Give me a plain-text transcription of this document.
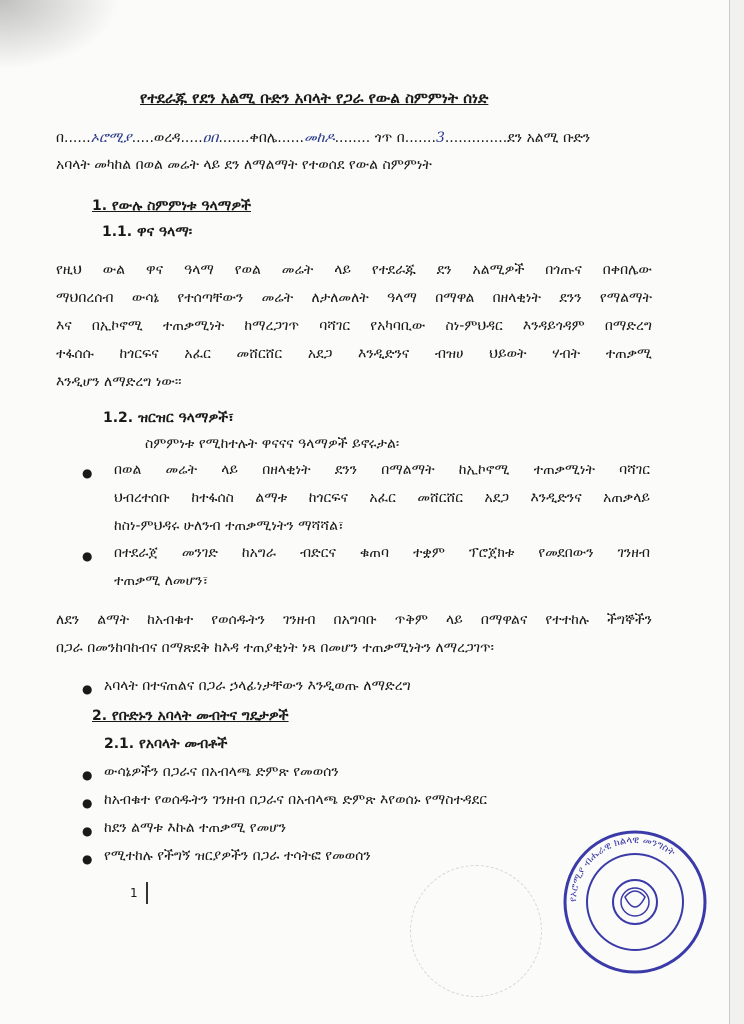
የተደራጁ የደን አልሚ ቡድን አባላት የጋራ የውል ስምምነት ሰነድ
በ......ኦሮሚያ.....ወረዳ.....ዐበ.......ቀበሌ......መከዶ........ ጎጥ በ.......3..............ደን አልሚ ቡድን
አባላት መካከል በወል መሬት ላይ ደን ለማልማት የተወሰደ የውል ስምምነት
1. የውሉ ስምምነቱ ዓላማዎች
1.1. ዋና ዓላማ፡
የዚህ ውል ዋና ዓላማ የወል መሬት ላይ የተደራጁ ደን አልሚዎች በጎጡና በቀበሌው
ማህበረሰብ ውሳኔ የተሰጣቸውን መሬት ለታለመለት ዓላማ በማዋል በዘላቂነት ደንን የማልማት
እና በኢኮኖሚ ተጠቃሚነት ከማረጋገጥ ባሻገር የአካባቢው ስነ-ምህዳር እንዳይጎዳም በማድረግ
ተፋሰሱ ከጎርፍና አፈር መሸርሸር አደጋ እንዲድንና ብዝሀ ህይወት ሃብት ተጠቃሚ
እንዲሆን ለማድረግ ነው፡፡
1.2. ዝርዝር ዓላማዎች፣
ስምምነቱ የሚከተሉት ዋናናና ዓላማዎች ይኖሩታል፡
● በወል መሬት ላይ በዘላቂነት ደንን በማልማት ከኢኮኖሚ ተጠቃሚነት ባሻገር
ህብረተሰቡ ከተፋሰስ ልማቱ ከጎርፍና አፈር መሸርሸር አደጋ እንዲድንና አጠቃላይ
ከስነ-ምህዳሩ ሁለንብ ተጠቃሚነትን ማሻሻል፣
● በተደራጀ መንገድ ከአግራ ብድርና ቁጠባ ተቋም ፕሮጀክቱ የመደበውን ገንዘብ
ተጠቃሚ ለመሆን፣
ለደን ልማት ከአብቁተ የወሰዱትን ገንዘብ በአግባቡ ጥቅም ላይ በማዋልና የተተከሉ ችግኞችን
በጋራ በመንከባከብና በማጽደቅ ከእዳ ተጠያቂነት ነጻ በመሆን ተጠቃሚነትን ለማረጋገጥ፡
● አባላት በተናጠልና በጋራ ኃላፊነታቸውን እንዲወጡ ለማድረግ
2. የቡድኑን አባላት መብትና ግዴታዎች
2.1. የአባላት መብቶች
● ውሳኔዎችን በጋራና በአብላጫ ድምጽ የመወሰን
● ከአብቁተ የወሰዱትን ገንዘብ በጋራና በአብላጫ ድምጽ እየወሰኑ የማስተዳደር
● ከደን ልማቱ እኩል ተጠቃሚ የመሆን
● የሚተከሉ የችግኝ ዝርያዎችን በጋራ ተሳትፎ የመወሰን
1	የኦሮሚያ ብሔራዊ ክልላዊ መንግስት
